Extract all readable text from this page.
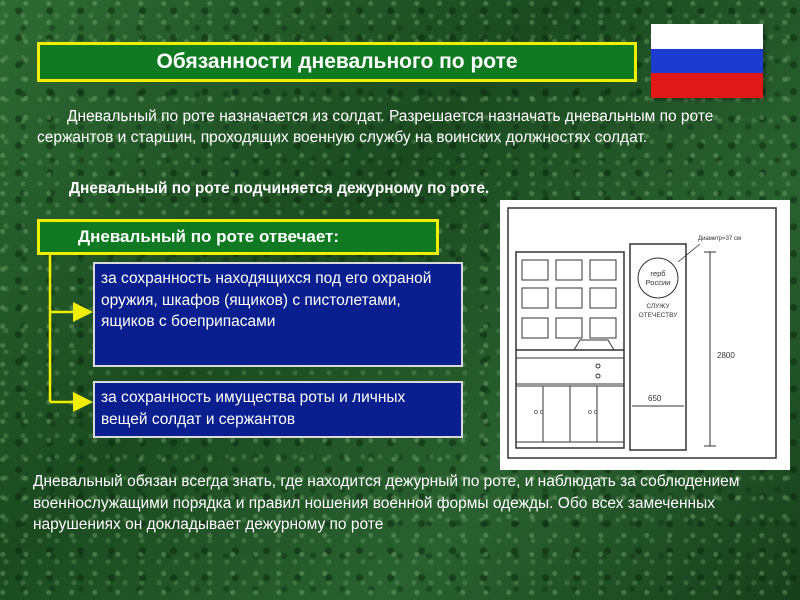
Обязанности дневального по роте

Дневальный по роте назначается из солдат. Разрешается назначать дневальным по роте сержантов и старшин, проходящих военную службу на воинских должностях солдат.

Дневальный по роте подчиняется дежурному по роте.

Дневальный по роте отвечает:
за сохранность находящихся под его охраной оружия, шкафов (ящиков) с пистолетами, ящиков с боеприпасами
за сохранность имущества роты и личных вещей солдат и сержантов	o o	o o
герб
России
СЛУЖУ
ОТЕЧЕСТВУ
Диаметр=37 см
2800
650

Дневальный обязан всегда знать, где находится дежурный по роте, и наблюдать за соблюдением военнослужащими порядка и правил ношения военной формы одежды. Обо всех замеченных нарушениях он докладывает дежурному по роте
